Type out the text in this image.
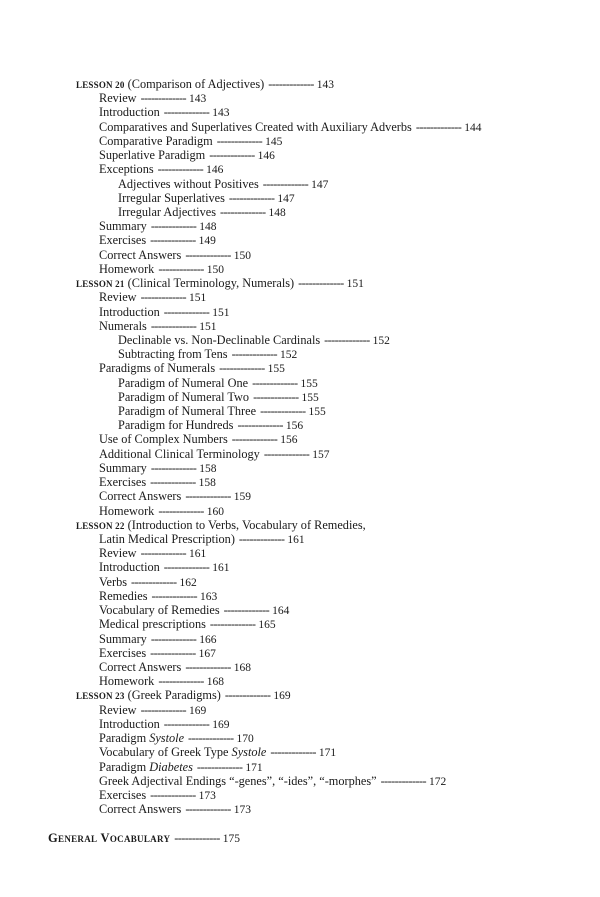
Lesson 20 (Comparison of Adjectives) ------------- 143
Review ------------- 143
Introduction ------------- 143
Comparatives and Superlatives Created with Auxiliary Adverbs ------------- 144
Comparative Paradigm ------------- 145
Superlative Paradigm ------------- 146
Exceptions ------------- 146
Adjectives without Positives ------------- 147
Irregular Superlatives ------------- 147
Irregular Adjectives ------------- 148
Summary ------------- 148
Exercises ------------- 149
Correct Answers ------------- 150
Homework ------------- 150
Lesson 21 (Clinical Terminology, Numerals) ------------- 151
Review ------------- 151
Introduction ------------- 151
Numerals ------------- 151
Declinable vs. Non-Declinable Cardinals ------------- 152
Subtracting from Tens ------------- 152
Paradigms of Numerals ------------- 155
Paradigm of Numeral One ------------- 155
Paradigm of Numeral Two ------------- 155
Paradigm of Numeral Three ------------- 155
Paradigm for Hundreds ------------- 156
Use of Complex Numbers ------------- 156
Additional Clinical Terminology ------------- 157
Summary ------------- 158
Exercises ------------- 158
Correct Answers ------------- 159
Homework ------------- 160
Lesson 22 (Introduction to Verbs, Vocabulary of Remedies,
Latin Medical Prescription) ------------- 161
Review ------------- 161
Introduction ------------- 161
Verbs ------------- 162
Remedies ------------- 163
Vocabulary of Remedies ------------- 164
Medical prescriptions ------------- 165
Summary ------------- 166
Exercises ------------- 167
Correct Answers ------------- 168
Homework ------------- 168
Lesson 23 (Greek Paradigms) ------------- 169
Review ------------- 169
Introduction ------------- 169
Paradigm Systole ------------- 170
Vocabulary of Greek Type Systole ------------- 171
Paradigm Diabetes ------------- 171
Greek Adjectival Endings “-genes”, “-ides”, “-morphes” ------------- 172
Exercises ------------- 173
Correct Answers ------------- 173
General Vocabulary ------------- 175
